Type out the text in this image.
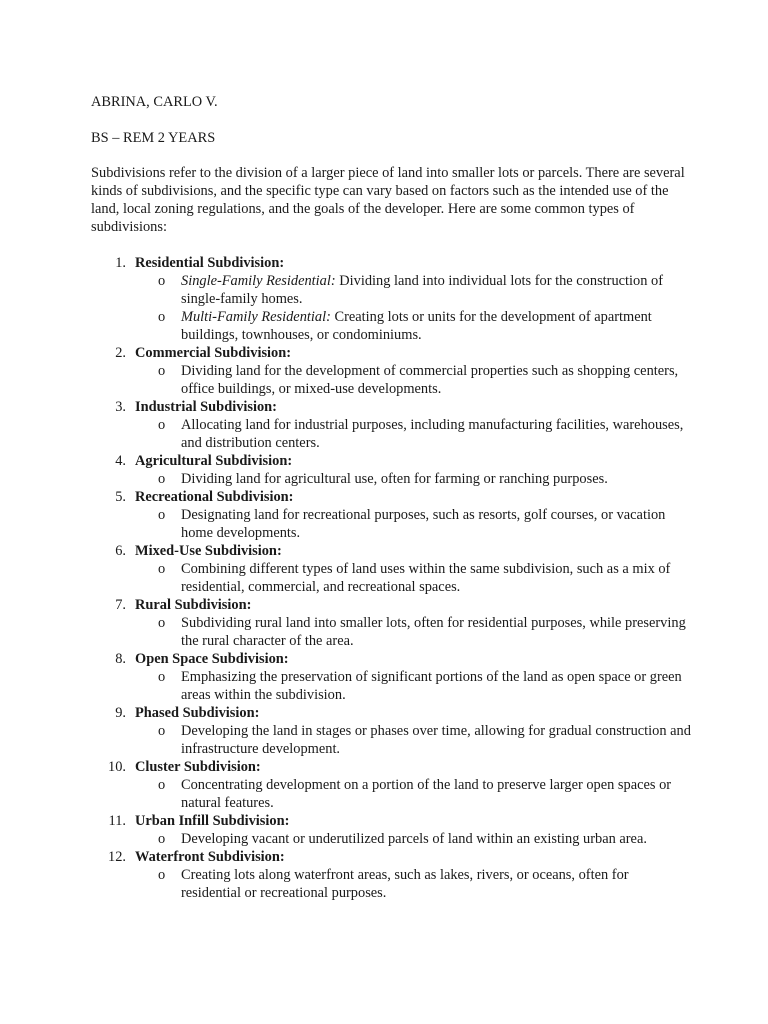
ABRINA, CARLO V.
BS – REM 2 YEARS

Subdivisions refer to the division of a larger piece of land into smaller lots or parcels. There are several kinds of subdivisions, and the specific type can vary based on factors such as the intended use of the land, local zoning regulations, and the goals of the developer. Here are some common types of subdivisions:

1. Residential Subdivision:
o Single-Family Residential: Dividing land into individual lots for the construction of single-family homes.
o Multi-Family Residential: Creating lots or units for the development of apartment buildings, townhouses, or condominiums.
2. Commercial Subdivision:
o Dividing land for the development of commercial properties such as shopping centers, office buildings, or mixed-use developments.
3. Industrial Subdivision:
o Allocating land for industrial purposes, including manufacturing facilities, warehouses, and distribution centers.
4. Agricultural Subdivision:
o Dividing land for agricultural use, often for farming or ranching purposes.
5. Recreational Subdivision:
o Designating land for recreational purposes, such as resorts, golf courses, or vacation home developments.
6. Mixed-Use Subdivision:
o Combining different types of land uses within the same subdivision, such as a mix of residential, commercial, and recreational spaces.
7. Rural Subdivision:
o Subdividing rural land into smaller lots, often for residential purposes, while preserving the rural character of the area.
8. Open Space Subdivision:
o Emphasizing the preservation of significant portions of the land as open space or green areas within the subdivision.
9. Phased Subdivision:
o Developing the land in stages or phases over time, allowing for gradual construction and infrastructure development.
10. Cluster Subdivision:
o Concentrating development on a portion of the land to preserve larger open spaces or natural features.
11. Urban Infill Subdivision:
o Developing vacant or underutilized parcels of land within an existing urban area.
12. Waterfront Subdivision:
o Creating lots along waterfront areas, such as lakes, rivers, or oceans, often for residential or recreational purposes.
